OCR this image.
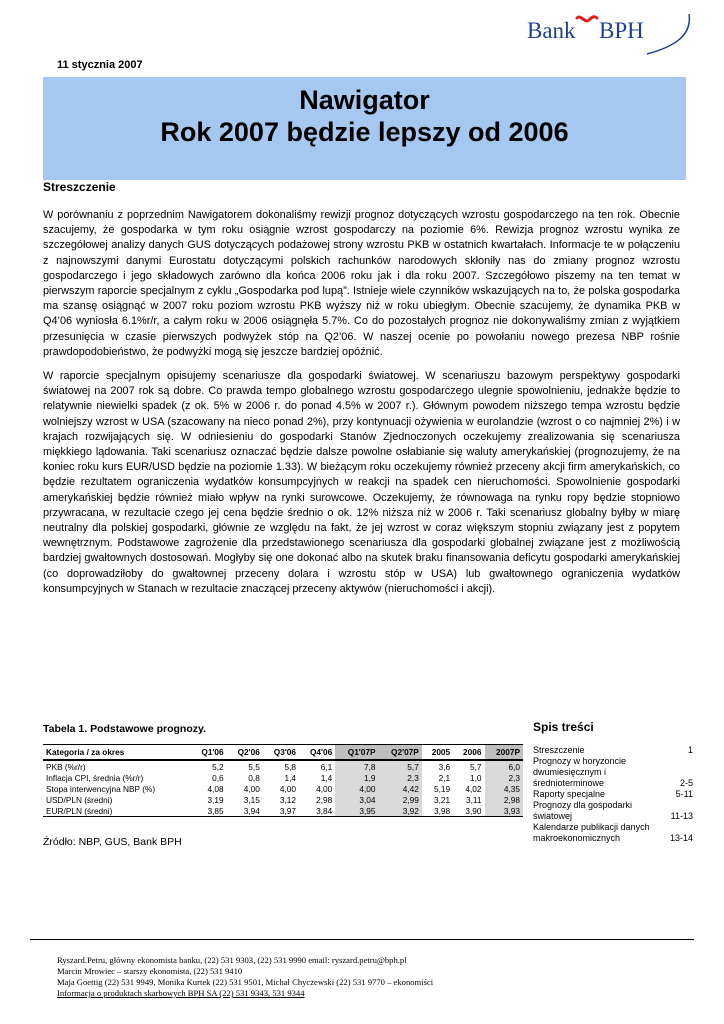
Bank BPH
11 stycznia 2007
Nawigator
Rok 2007 będzie lepszy od 2006
Streszczenie

W porównaniu z poprzednim Nawigatorem dokonaliśmy rewizji prognoz dotyczących wzrostu gospodarczego na ten rok. Obecnie szacujemy, że gospodarka w tym roku osiągnie wzrost gospodarczy na poziomie 6%. Rewizja prognoz wzrostu wynika ze szczegółowej analizy danych GUS dotyczących podażowej strony wzrostu PKB w ostatnich kwartałach. Informacje te w połączeniu z najnowszymi danymi Eurostatu dotyczącymi polskich rachunków narodowych skłoniły nas do zmiany prognoz wzrostu gospodarczego i jego składowych zarówno dla końca 2006 roku jak i dla roku 2007. Szczegółowo piszemy na ten temat w pierwszym raporcie specjalnym z cyklu „Gospodarka pod lupą”. Istnieje wiele czynników wskazujących na to, że polska gospodarka ma szansę osiągnąć w 2007 roku poziom wzrostu PKB wyższy niż w roku ubiegłym. Obecnie szacujemy, że dynamika PKB w Q4’06 wyniosła 6.1%r/r, a całym roku w 2006 osiągnęła 5.7%. Co do pozostałych prognoz nie dokonywaliśmy zmian z wyjątkiem przesunięcia w czasie pierwszych podwyżek stóp na Q2’06. W naszej ocenie po powołaniu nowego prezesa NBP rośnie prawdopodobieństwo, że podwyżki mogą się jeszcze bardziej opóźnić.

W raporcie specjalnym opisujemy scenariusze dla gospodarki światowej. W scenariuszu bazowym perspektywy gospodarki światowej na 2007 rok są dobre. Co prawda tempo globalnego wzrostu gospodarczego ulegnie spowolnieniu, jednakże będzie to relatywnie niewielki spadek (z ok. 5% w 2006 r. do ponad 4.5% w 2007 r.). Głównym powodem niższego tempa wzrostu będzie wolniejszy wzrost w USA (szacowany na nieco ponad 2%), przy kontynuacji ożywienia w eurolandzie (wzrost o co najmniej 2%) i w krajach rozwijających się. W odniesieniu do gospodarki Stanów Zjednoczonych oczekujemy zrealizowania się scenariusza miękkiego lądowania. Taki scenariusz oznaczać będzie dalsze powolne osłabianie się waluty amerykańskiej (prognozujemy, że na koniec roku kurs EUR/USD będzie na poziomie 1.33). W bieżącym roku oczekujemy również przeceny akcji firm amerykańskich, co będzie rezultatem ograniczenia wydatków konsumpcyjnych w reakcji na spadek cen nieruchomości. Spowolnienie gospodarki amerykańskiej będzie również miało wpływ na rynki surowcowe. Oczekujemy, że równowaga na rynku ropy będzie stopniowo przywracana, w rezultacie czego jej cena będzie średnio o ok. 12% niższa niż w 2006 r. Taki scenariusz globalny byłby w miarę neutralny dla polskiej gospodarki, głównie ze względu na fakt, że jej wzrost w coraz większym stopniu związany jest z popytem wewnętrznym. Podstawowe zagrożenie dla przedstawionego scenariusza dla gospodarki globalnej związane jest z możliwością bardziej gwałtownych dostosowań. Mogłyby się one dokonać albo na skutek braku finansowania deficytu gospodarki amerykańskiej (co doprowadziłoby do gwałtownej przeceny dolara i wzrostu stóp w USA) lub gwałtownego ograniczenia wydatków konsumpcyjnych w Stanach w rezultacie znaczącej przeceny aktywów (nieruchomości i akcji).

Tabela 1. Podstawowe prognozy.	Spis treści
Kategoria / za okres	Q1'06	Q2'06	Q3'06	Q4'06	Q1'07P	Q2'07P	2005	2006	2007P
PKB (%r/r)	5,2	5,5	5,8	6,1	7,8	5,7	3,6	5,7	6,0
Inflacja CPI, średnia (%r/r)	0,6	0,8	1,4	1,4	1,9	2,3	2,1	1,0	2,3
Stopa interwencyjna NBP (%)	4,08	4,00	4,00	4,00	4,00	4,42	5,19	4,02	4,35
USD/PLN (średni)	3,19	3,15	3,12	2,98	3,04	2,99	3,21	3,11	2,98
EUR/PLN (średni)	3,85	3,94	3,97	3,84	3,95	3,92	3,98	3,90	3,93
Źródło: NBP, GUS, Bank BPH
Streszczenie	1
Prognozy w horyzoncie dwumiesięcznym i średnioterminowe	2-5
Raporty specjalne	5-11
Prognozy dla gospodarki światowej	11-13
Kalendarze publikacji danych makroekonomicznych	13-14
Ryszard.Petru, główny ekonomista banku, (22) 531 9303, (22) 531 9990 email: ryszard.petru@bph.pl
Marcin Mrowiec – starszy ekonomista, (22) 531 9410
Maja Goettig (22) 531 9949, Monika Kurtek (22) 531 9501, Michał Chyczewski (22) 531 9770 – ekonomiści
Informacja o produktach skarbowych BPH SA (22) 531 9343, 531 9344
